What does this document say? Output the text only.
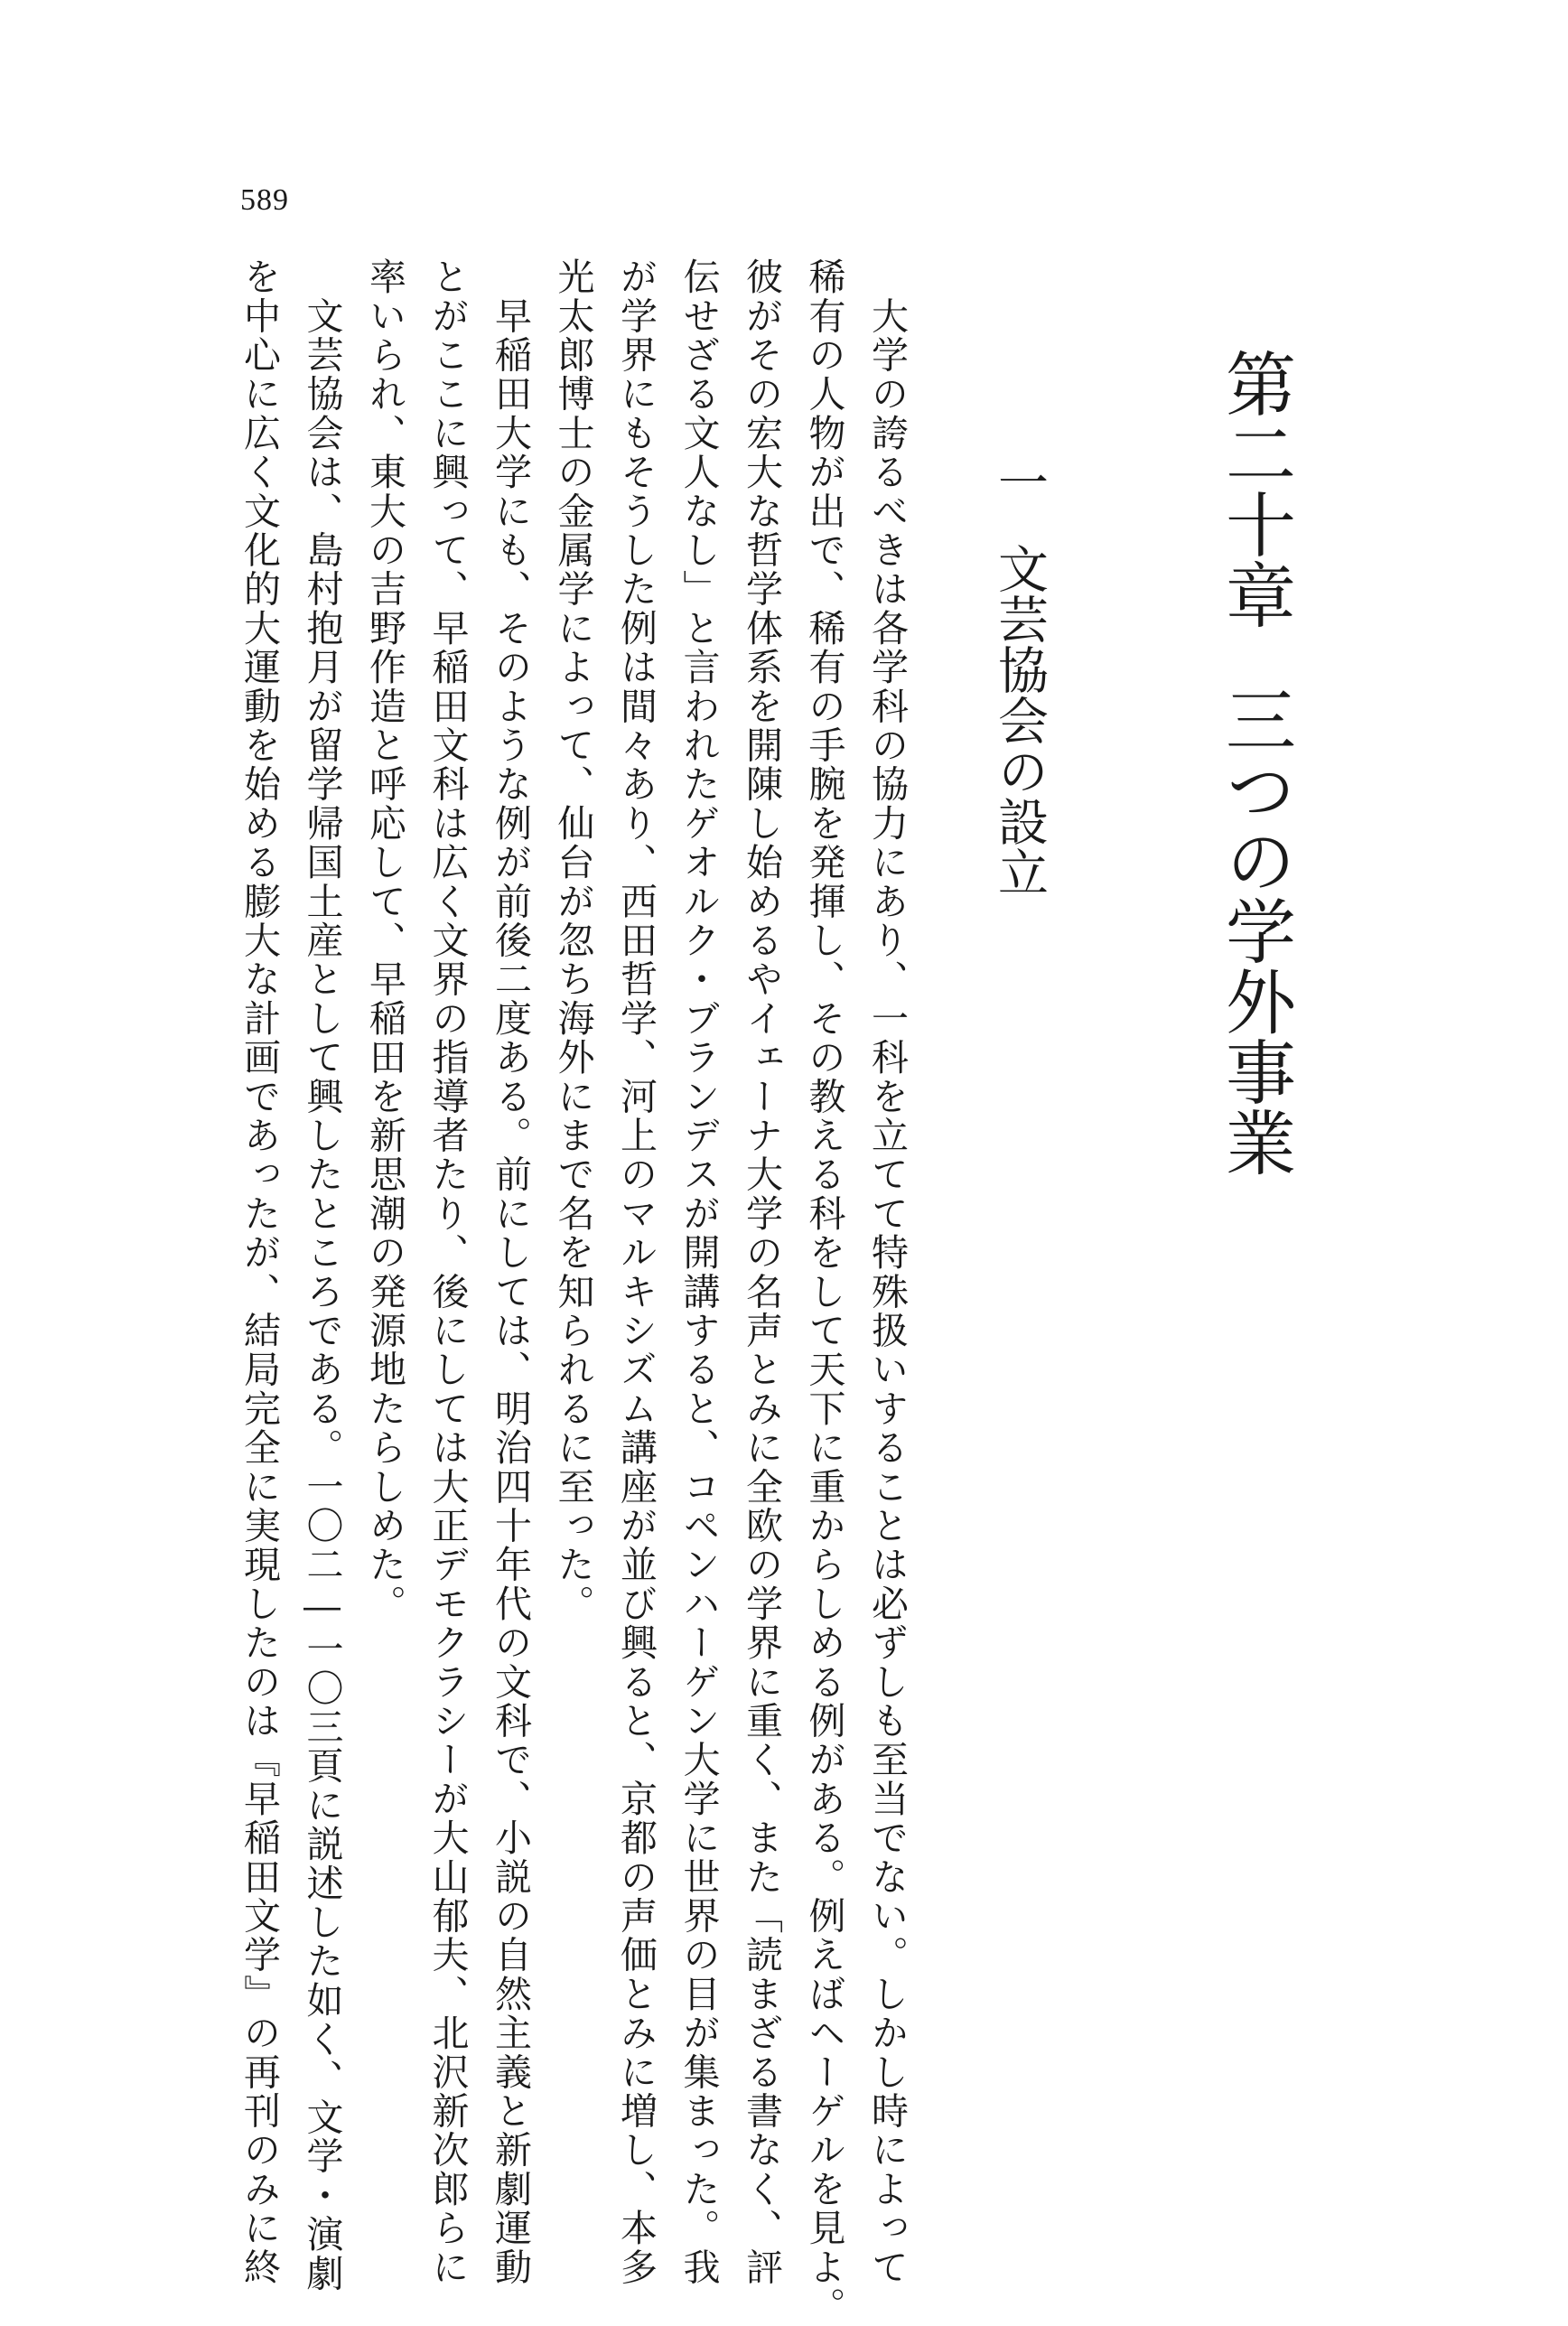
589
第二十章三つの学外事業
一文芸協会の設立
　大学の誇るべきは各学科の協力にあり、一科を立てて特殊扱いすることは必ずしも至当でない。しかし時によって
稀有の人物が出で、稀有の手腕を発揮し、その教える科をして天下に重からしめる例がある。例えばヘーゲルを見よ。
彼がその宏大な哲学体系を開陳し始めるやイェーナ大学の名声とみに全欧の学界に重く、また「読まざる書なく、評
伝せざる文人なし」と言われたゲオルク・ブランデスが開講すると、コペンハーゲン大学に世界の目が集まった。我
が学界にもそうした例は間々あり、西田哲学、河上のマルキシズム講座が並び興ると、京都の声価とみに増し、本多
光太郎博士の金属学によって、仙台が忽ち海外にまで名を知られるに至った。
　早稲田大学にも、そのような例が前後二度ある。前にしては、明治四十年代の文科で、小説の自然主義と新劇運動
とがここに興って、早稲田文科は広く文界の指導者たり、後にしては大正デモクラシーが大山郁夫、北沢新次郎らに
率いられ、東大の吉野作造と呼応して、早稲田を新思潮の発源地たらしめた。
　文芸協会は、島村抱月が留学帰国土産として興したところである。一〇二―一〇三頁に説述した如く、文学・演劇
を中心に広く文化的大運動を始める膨大な計画であったが、結局完全に実現したのは『早稲田文学』の再刊のみに終
